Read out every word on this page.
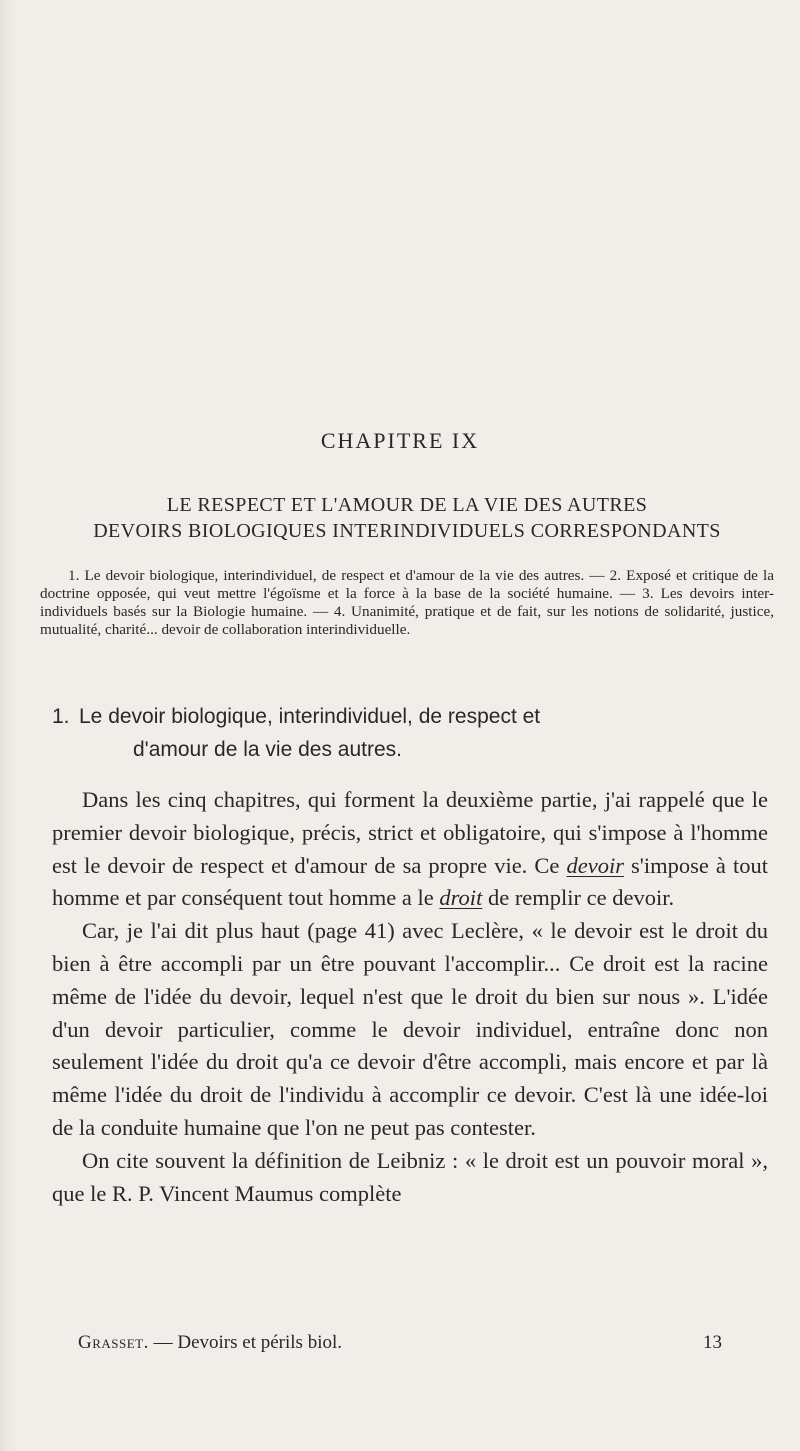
CHAPITRE IX
LE RESPECT ET L'AMOUR DE LA VIE DES AUTRES
DEVOIRS BIOLOGIQUES INTERINDIVIDUELS CORRESPONDANTS
1. Le devoir biologique, interindividuel, de respect et d'amour de la vie des autres. — 2. Exposé et critique de la doctrine opposée, qui veut mettre l'égoïsme et la force à la base de la société humaine. — 3. Les devoirs inter-individuels basés sur la Biologie humaine. — 4. Unanimité, pratique et de fait, sur les notions de solidarité, justice, mutualité, charité... devoir de collaboration interindividuelle.
1. Le devoir biologique, interindividuel, de respect et
d'amour de la vie des autres.

Dans les cinq chapitres, qui forment la deuxième partie, j'ai rappelé que le premier devoir biologique, précis, strict et obligatoire, qui s'impose à l'homme est le devoir de respect et d'amour de sa propre vie. Ce devoir s'impose à tout homme et par conséquent tout homme a le droit de remplir ce devoir.

Car, je l'ai dit plus haut (page 41) avec Leclère, « le devoir est le droit du bien à être accompli par un être pouvant l'accomplir... Ce droit est la racine même de l'idée du devoir, lequel n'est que le droit du bien sur nous ». L'idée d'un devoir particulier, comme le devoir individuel, entraîne donc non seulement l'idée du droit qu'a ce devoir d'être accompli, mais encore et par là même l'idée du droit de l'individu à accomplir ce devoir. C'est là une idée-loi de la conduite humaine que l'on ne peut pas contester.

On cite souvent la définition de Leibniz : « le droit est un pouvoir moral », que le R. P. Vincent Maumus complète

Grasset. — Devoirs et périls biol.	13
